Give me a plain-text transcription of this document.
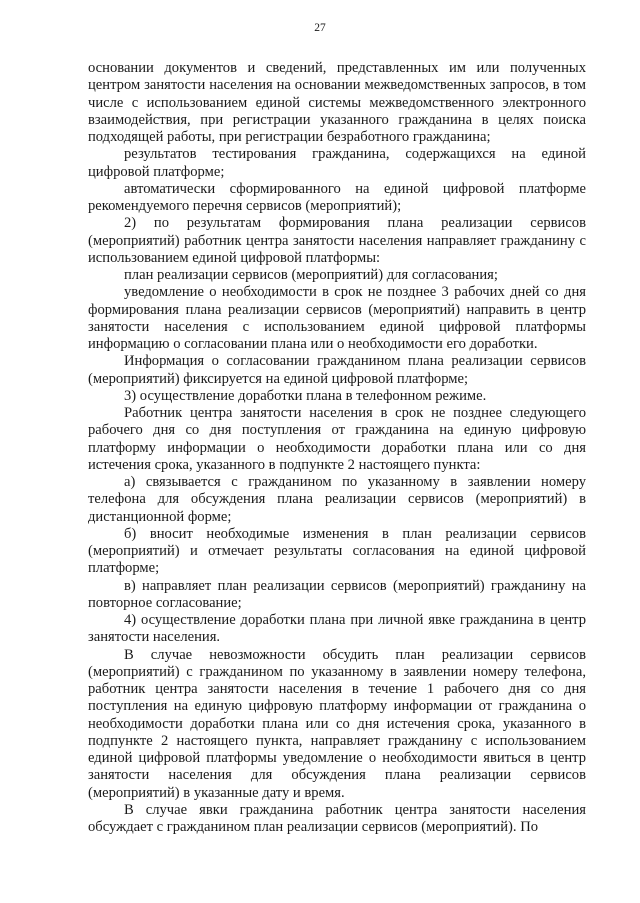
27

основании документов и сведений, представленных им или полученных центром занятости населения на основании межведомственных запросов, в том числе с использованием единой системы межведомственного электронного взаимодействия, при регистрации указанного гражданина в целях поиска подходящей работы, при регистрации безработного гражданина;

результатов тестирования гражданина, содержащихся на единой цифровой платформе;

автоматически сформированного на единой цифровой платформе рекомендуемого перечня сервисов (мероприятий);

2) по результатам формирования плана реализации сервисов (мероприятий) работник центра занятости населения направляет гражданину с использованием единой цифровой платформы:

план реализации сервисов (мероприятий) для согласования;

уведомление о необходимости в срок не позднее 3 рабочих дней со дня формирования плана реализации сервисов (мероприятий) направить в центр занятости населения с использованием единой цифровой платформы информацию о согласовании плана или о необходимости его доработки.

Информация о согласовании гражданином плана реализации сервисов (мероприятий) фиксируется на единой цифровой платформе;

3) осуществление доработки плана в телефонном режиме.

Работник центра занятости населения в срок не позднее следующего рабочего дня со дня поступления от гражданина на единую цифровую платформу информации о необходимости доработки плана или со дня истечения срока, указанного в подпункте 2 настоящего пункта:

а) связывается с гражданином по указанному в заявлении номеру телефона для обсуждения плана реализации сервисов (мероприятий) в дистанционной форме;

б) вносит необходимые изменения в план реализации сервисов (мероприятий) и отмечает результаты согласования на единой цифровой платформе;

в) направляет план реализации сервисов (мероприятий) гражданину на повторное согласование;

4) осуществление доработки плана при личной явке гражданина в центр занятости населения.

В случае невозможности обсудить план реализации сервисов (мероприятий) с гражданином по указанному в заявлении номеру телефона, работник центра занятости населения в течение 1 рабочего дня со дня поступления на единую цифровую платформу информации от гражданина о необходимости доработки плана или со дня истечения срока, указанного в подпункте 2 настоящего пункта, направляет гражданину с использованием единой цифровой платформы уведомление о необходимости явиться в центр занятости населения для обсуждения плана реализации сервисов (мероприятий) в указанные дату и время.

В случае явки гражданина работник центра занятости населения обсуждает с гражданином план реализации сервисов (мероприятий). По
